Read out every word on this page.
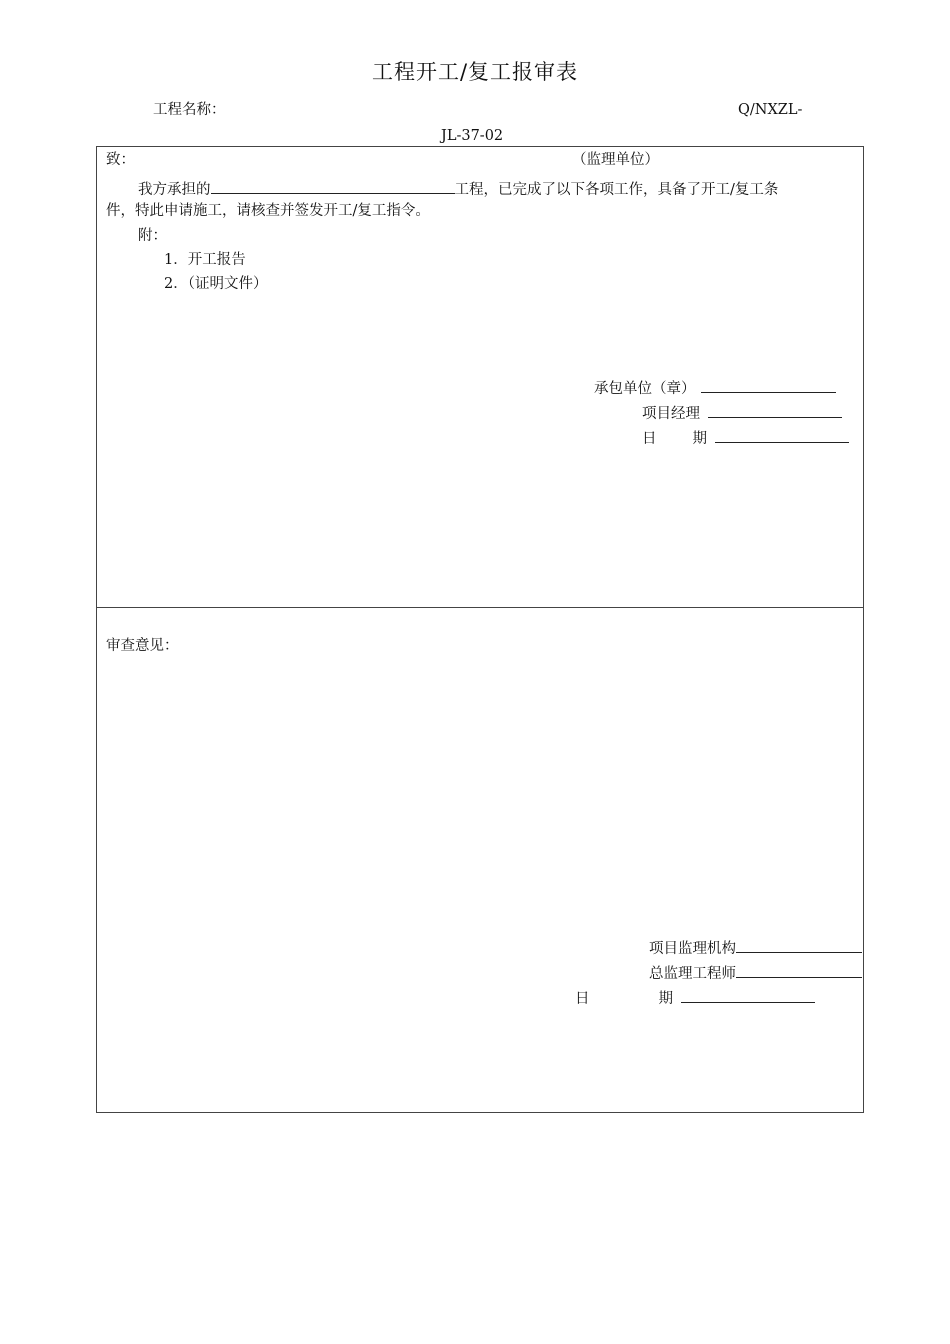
工程开工/复工报审表
工程名称：	Q/NXZL-
JL-37-02
致：	（监理单位）
我方承担的	工程，已完成了以下各项工作，具备了开工/复工条
件，特此申请施工，请核查并签发开工/复工指令。
附：
1．开工报告
2．（证明文件）
承包单位（章）
项目经理
日 期
审查意见：
项目监理机构
总监理工程师
日	期
